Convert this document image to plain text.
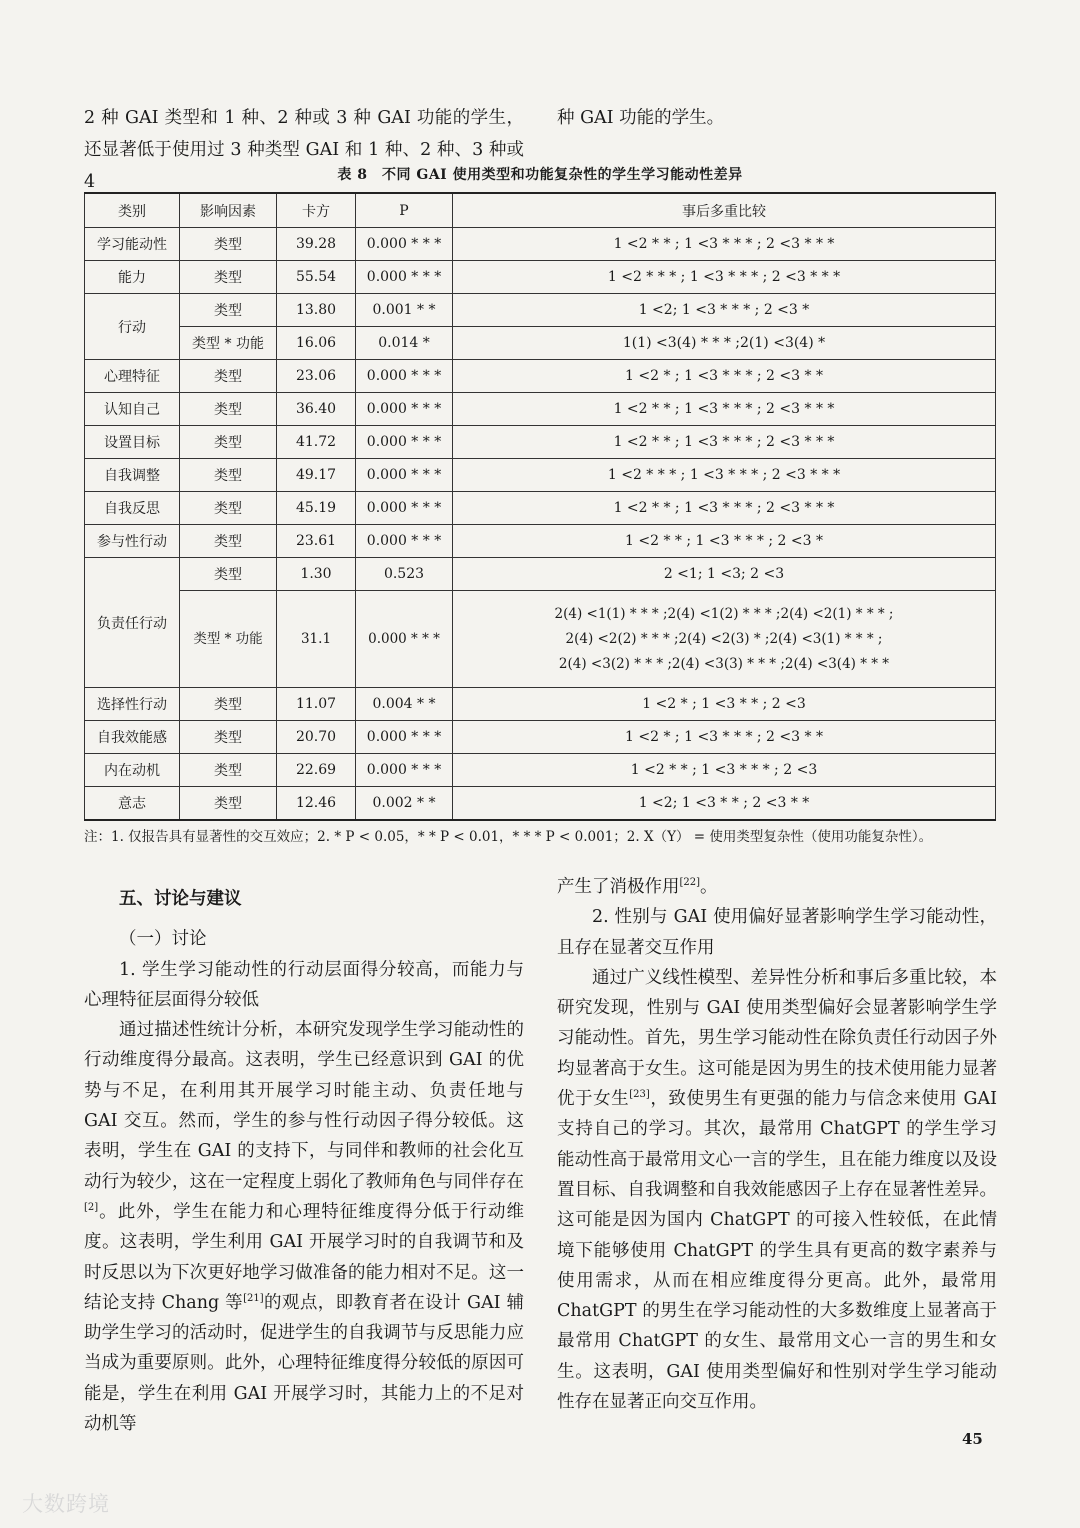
2 种 GAI 类型和 1 种、2 种或 3 种 GAI 功能的学生，还显著低于使用过 3 种类型 GAI 和 1 种、2 种、3 种或 4
种 GAI 功能的学生。
表 8　不同 GAI 使用类型和功能复杂性的学生学习能动性差异
类别	影响因素	卡方	P	事后多重比较
学习能动性	类型	39.28	0.000 * * *	1 <2 * * ; 1 <3 * * * ; 2 <3 * * *
能力	类型	55.54	0.000 * * *	1 <2 * * * ; 1 <3 * * * ; 2 <3 * * *
行动	类型	13.80	0.001 * *	1 <2; 1 <3 * * * ; 2 <3 *
	类型 * 功能	16.06	0.014 *	1(1) <3(4) * * * ;2(1) <3(4) *
心理特征	类型	23.06	0.000 * * *	1 <2 * ; 1 <3 * * * ; 2 <3 * *
认知自己	类型	36.40	0.000 * * *	1 <2 * * ; 1 <3 * * * ; 2 <3 * * *
设置目标	类型	41.72	0.000 * * *	1 <2 * * ; 1 <3 * * * ; 2 <3 * * *
自我调整	类型	49.17	0.000 * * *	1 <2 * * * ; 1 <3 * * * ; 2 <3 * * *
自我反思	类型	45.19	0.000 * * *	1 <2 * * ; 1 <3 * * * ; 2 <3 * * *
参与性行动	类型	23.61	0.000 * * *	1 <2 * * ; 1 <3 * * * ; 2 <3 *
负责任行动	类型	1.30	0.523	2 <1; 1 <3; 2 <3
	类型 * 功能	31.1	0.000 * * *	2(4) <1(1) * * * ;2(4) <1(2) * * * ;2(4) <2(1) * * * ;
2(4) <2(2) * * * ;2(4) <2(3) * ;2(4) <3(1) * * * ;
2(4) <3(2) * * * ;2(4) <3(3) * * * ;2(4) <3(4) * * *

选择性行动	类型	11.07	0.004 * *	1 <2 * ; 1 <3 * * ; 2 <3
自我效能感	类型	20.70	0.000 * * *	1 <2 * ; 1 <3 * * * ; 2 <3 * *
内在动机	类型	22.69	0.000 * * *	1 <2 * * ; 1 <3 * * * ; 2 <3
意志	类型	12.46	0.002 * *	1 <2; 1 <3 * * ; 2 <3 * *
注：1. 仅报告具有显著性的交互效应；2. * P < 0.05，* * P < 0.01，* * * P < 0.001；2. X（Y） = 使用类型复杂性（使用功能复杂性）。

五、讨论与建议

（一）讨论

1. 学生学习能动性的行动层面得分较高，而能力与心理特征层面得分较低

通过描述性统计分析，本研究发现学生学习能动性的行动维度得分最高。这表明，学生已经意识到 GAI 的优势与不足，在利用其开展学习时能主动、负责任地与 GAI 交互。然而，学生的参与性行动因子得分较低。这表明，学生在 GAI 的支持下，与同伴和教师的社会化互动行为较少，这在一定程度上弱化了教师角色与同伴存在[2]。此外，学生在能力和心理特征维度得分低于行动维度。这表明，学生利用 GAI 开展学习时的自我调节和及时反思以为下次更好地学习做准备的能力相对不足。这一结论支持 Chang 等[21]的观点，即教育者在设计 GAI 辅助学生学习的活动时，促进学生的自我调节与反思能力应当成为重要原则。此外，心理特征维度得分较低的原因可能是，学生在利用 GAI 开展学习时，其能力上的不足对动机等

产生了消极作用[22]。

2. 性别与 GAI 使用偏好显著影响学生学习能动性，且存在显著交互作用

通过广义线性模型、差异性分析和事后多重比较，本研究发现，性别与 GAI 使用类型偏好会显著影响学生学习能动性。首先，男生学习能动性在除负责任行动因子外均显著高于女生。这可能是因为男生的技术使用能力显著优于女生[23]，致使男生有更强的能力与信念来使用 GAI 支持自己的学习。其次，最常用 ChatGPT 的学生学习能动性高于最常用文心一言的学生，且在能力维度以及设置目标、自我调整和自我效能感因子上存在显著性差异。这可能是因为国内 ChatGPT 的可接入性较低，在此情境下能够使用 ChatGPT 的学生具有更高的数字素养与使用需求，从而在相应维度得分更高。此外，最常用 ChatGPT 的男生在学习能动性的大多数维度上显著高于最常用 ChatGPT 的女生、最常用文心一言的男生和女生。这表明，GAI 使用类型偏好和性别对学生学习能动性存在显著正向交互作用。

45
大数跨境
